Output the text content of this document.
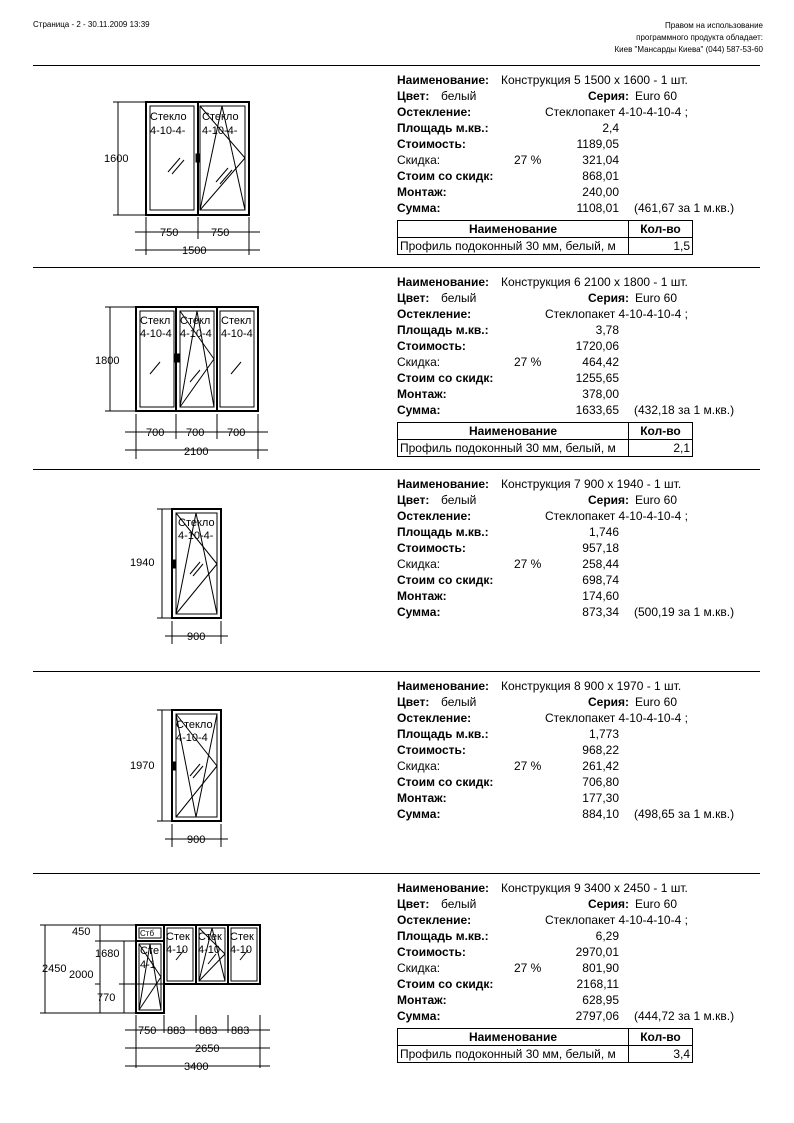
Страница - 2 - 30.11.2009 13:39	Правом на использование
программного продукта обладает:
Киев "Мансарды Киева" (044) 587-53-60
1600
750	750
1500
Стекло
4-10-4-
Стекло
4-10-4-
Наименование: Конструкция 5 1500 х 1600 - 1 шт.
Цвет: белый	Серия: Euro 60
Остекление:	Стеклопакет 4-10-4-10-4 ;
Площадь м.кв.:	2,4
Стоимость:	1189,05
Скидка:	27 %	321,04
Стоим со скидк:	868,01
Монтаж:	240,00
Сумма:	1108,01 (461,67 за 1 м.кв.)
Наименование	Кол-во
Профиль подоконный 30 мм, белый, м	1,5
1800
700 700 700
2100
Стекл
4-10-4
Стекл
4-10-4
Стекл
4-10-4
Наименование: Конструкция 6 2100 х 1800 - 1 шт.
Цвет: белый	Серия: Euro 60
Остекление:	Стеклопакет 4-10-4-10-4 ;
Площадь м.кв.:	3,78
Стоимость:	1720,06
Скидка:	27 %	464,42
Стоим со скидк:	1255,65
Монтаж:	378,00
Сумма:	1633,65 (432,18 за 1 м.кв.)
Наименование	Кол-во
Профиль подоконный 30 мм, белый, м	2,1
1940
900
Стекло
4-10-4-
Наименование: Конструкция 7 900 х 1940 - 1 шт.
Цвет: белый	Серия: Euro 60
Остекление:	Стеклопакет 4-10-4-10-4 ;
Площадь м.кв.:	1,746
Стоимость:	957,18
Скидка:	27 %	258,44
Стоим со скидк:	698,74
Монтаж:	174,60
Сумма:	873,34 (500,19 за 1 м.кв.)
1970
900
Стекло
4-10-4
Наименование: Конструкция 8 900 х 1970 - 1 шт.
Цвет: белый	Серия: Euro 60
Остекление:	Стеклопакет 4-10-4-10-4 ;
Площадь м.кв.:	1,773
Стоимость:	968,22
Скидка:	27 %	261,42
Стоим со скидк:	706,80
Монтаж:	177,30
Сумма:	884,10 (498,65 за 1 м.кв.)
450
1680
2450 2000
770
750 883 883 883
2650
3400
Стб
Стe
4-1
Стек
4-10
Стек
4-10
Стек
4-10
Наименование: Конструкция 9 3400 х 2450 - 1 шт.
Цвет: белый	Серия: Euro 60
Остекление:	Стеклопакет 4-10-4-10-4 ;
Площадь м.кв.:	6,29
Стоимость:	2970,01
Скидка:	27 %	801,90
Стоим со скидк:	2168,11
Монтаж:	628,95
Сумма:	2797,06 (444,72 за 1 м.кв.)
Наименование	Кол-во
Профиль подоконный 30 мм, белый, м	3,4
